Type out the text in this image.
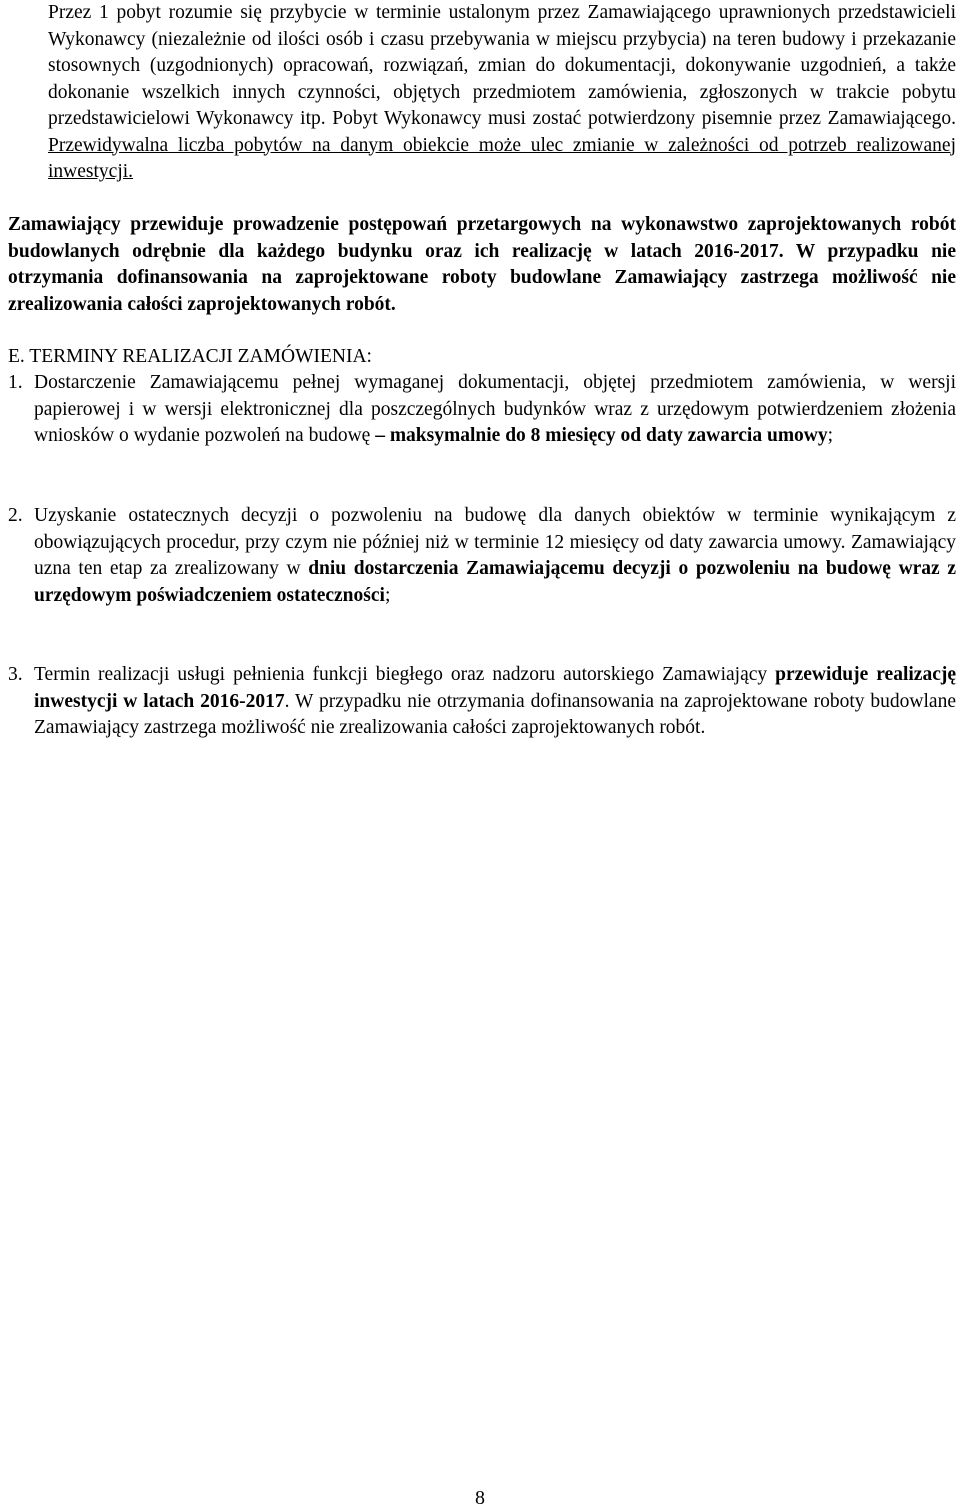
Przez 1 pobyt rozumie się przybycie w terminie ustalonym przez Zamawiającego uprawnionych przedstawicieli Wykonawcy (niezależnie od ilości osób i czasu przebywania w miejscu przybycia) na teren budowy i przekazanie stosownych (uzgodnionych) opracowań, rozwiązań, zmian do dokumentacji, dokonywanie uzgodnień, a także dokonanie wszelkich innych czynności, objętych przedmiotem zamówienia, zgłoszonych w trakcie pobytu przedstawicielowi Wykonawcy itp. Pobyt Wykonawcy musi zostać potwierdzony pisemnie przez Zamawiającego. Przewidywalna liczba pobytów na danym obiekcie może ulec zmianie w zależności od potrzeb realizowanej inwestycji.

Zamawiający przewiduje prowadzenie postępowań przetargowych na wykonawstwo zaprojektowanych robót budowlanych odrębnie dla każdego budynku oraz ich realizację w latach 2016-2017. W przypadku nie otrzymania dofinansowania na zaprojektowane roboty budowlane Zamawiający zastrzega możliwość nie zrealizowania całości zaprojektowanych robót.

E. TERMINY REALIZACJI ZAMÓWIENIA:

1. Dostarczenie Zamawiającemu pełnej wymaganej dokumentacji, objętej przedmiotem zamówienia, w wersji papierowej i w wersji elektronicznej dla poszczególnych budynków wraz z urzędowym potwierdzeniem złożenia wniosków o wydanie pozwoleń na budowę – maksymalnie do 8 miesięcy od daty zawarcia umowy;
2. Uzyskanie ostatecznych decyzji o pozwoleniu na budowę dla danych obiektów w terminie wynikającym z obowiązujących procedur, przy czym nie później niż w terminie 12 miesięcy od daty zawarcia umowy. Zamawiający uzna ten etap za zrealizowany w dniu dostarczenia Zamawiającemu decyzji o pozwoleniu na budowę wraz z urzędowym poświadczeniem ostateczności;
3. Termin realizacji usługi pełnienia funkcji biegłego oraz nadzoru autorskiego Zamawiający przewiduje realizację inwestycji w latach 2016-2017. W przypadku nie otrzymania dofinansowania na zaprojektowane roboty budowlane Zamawiający zastrzega możliwość nie zrealizowania całości zaprojektowanych robót.
8
